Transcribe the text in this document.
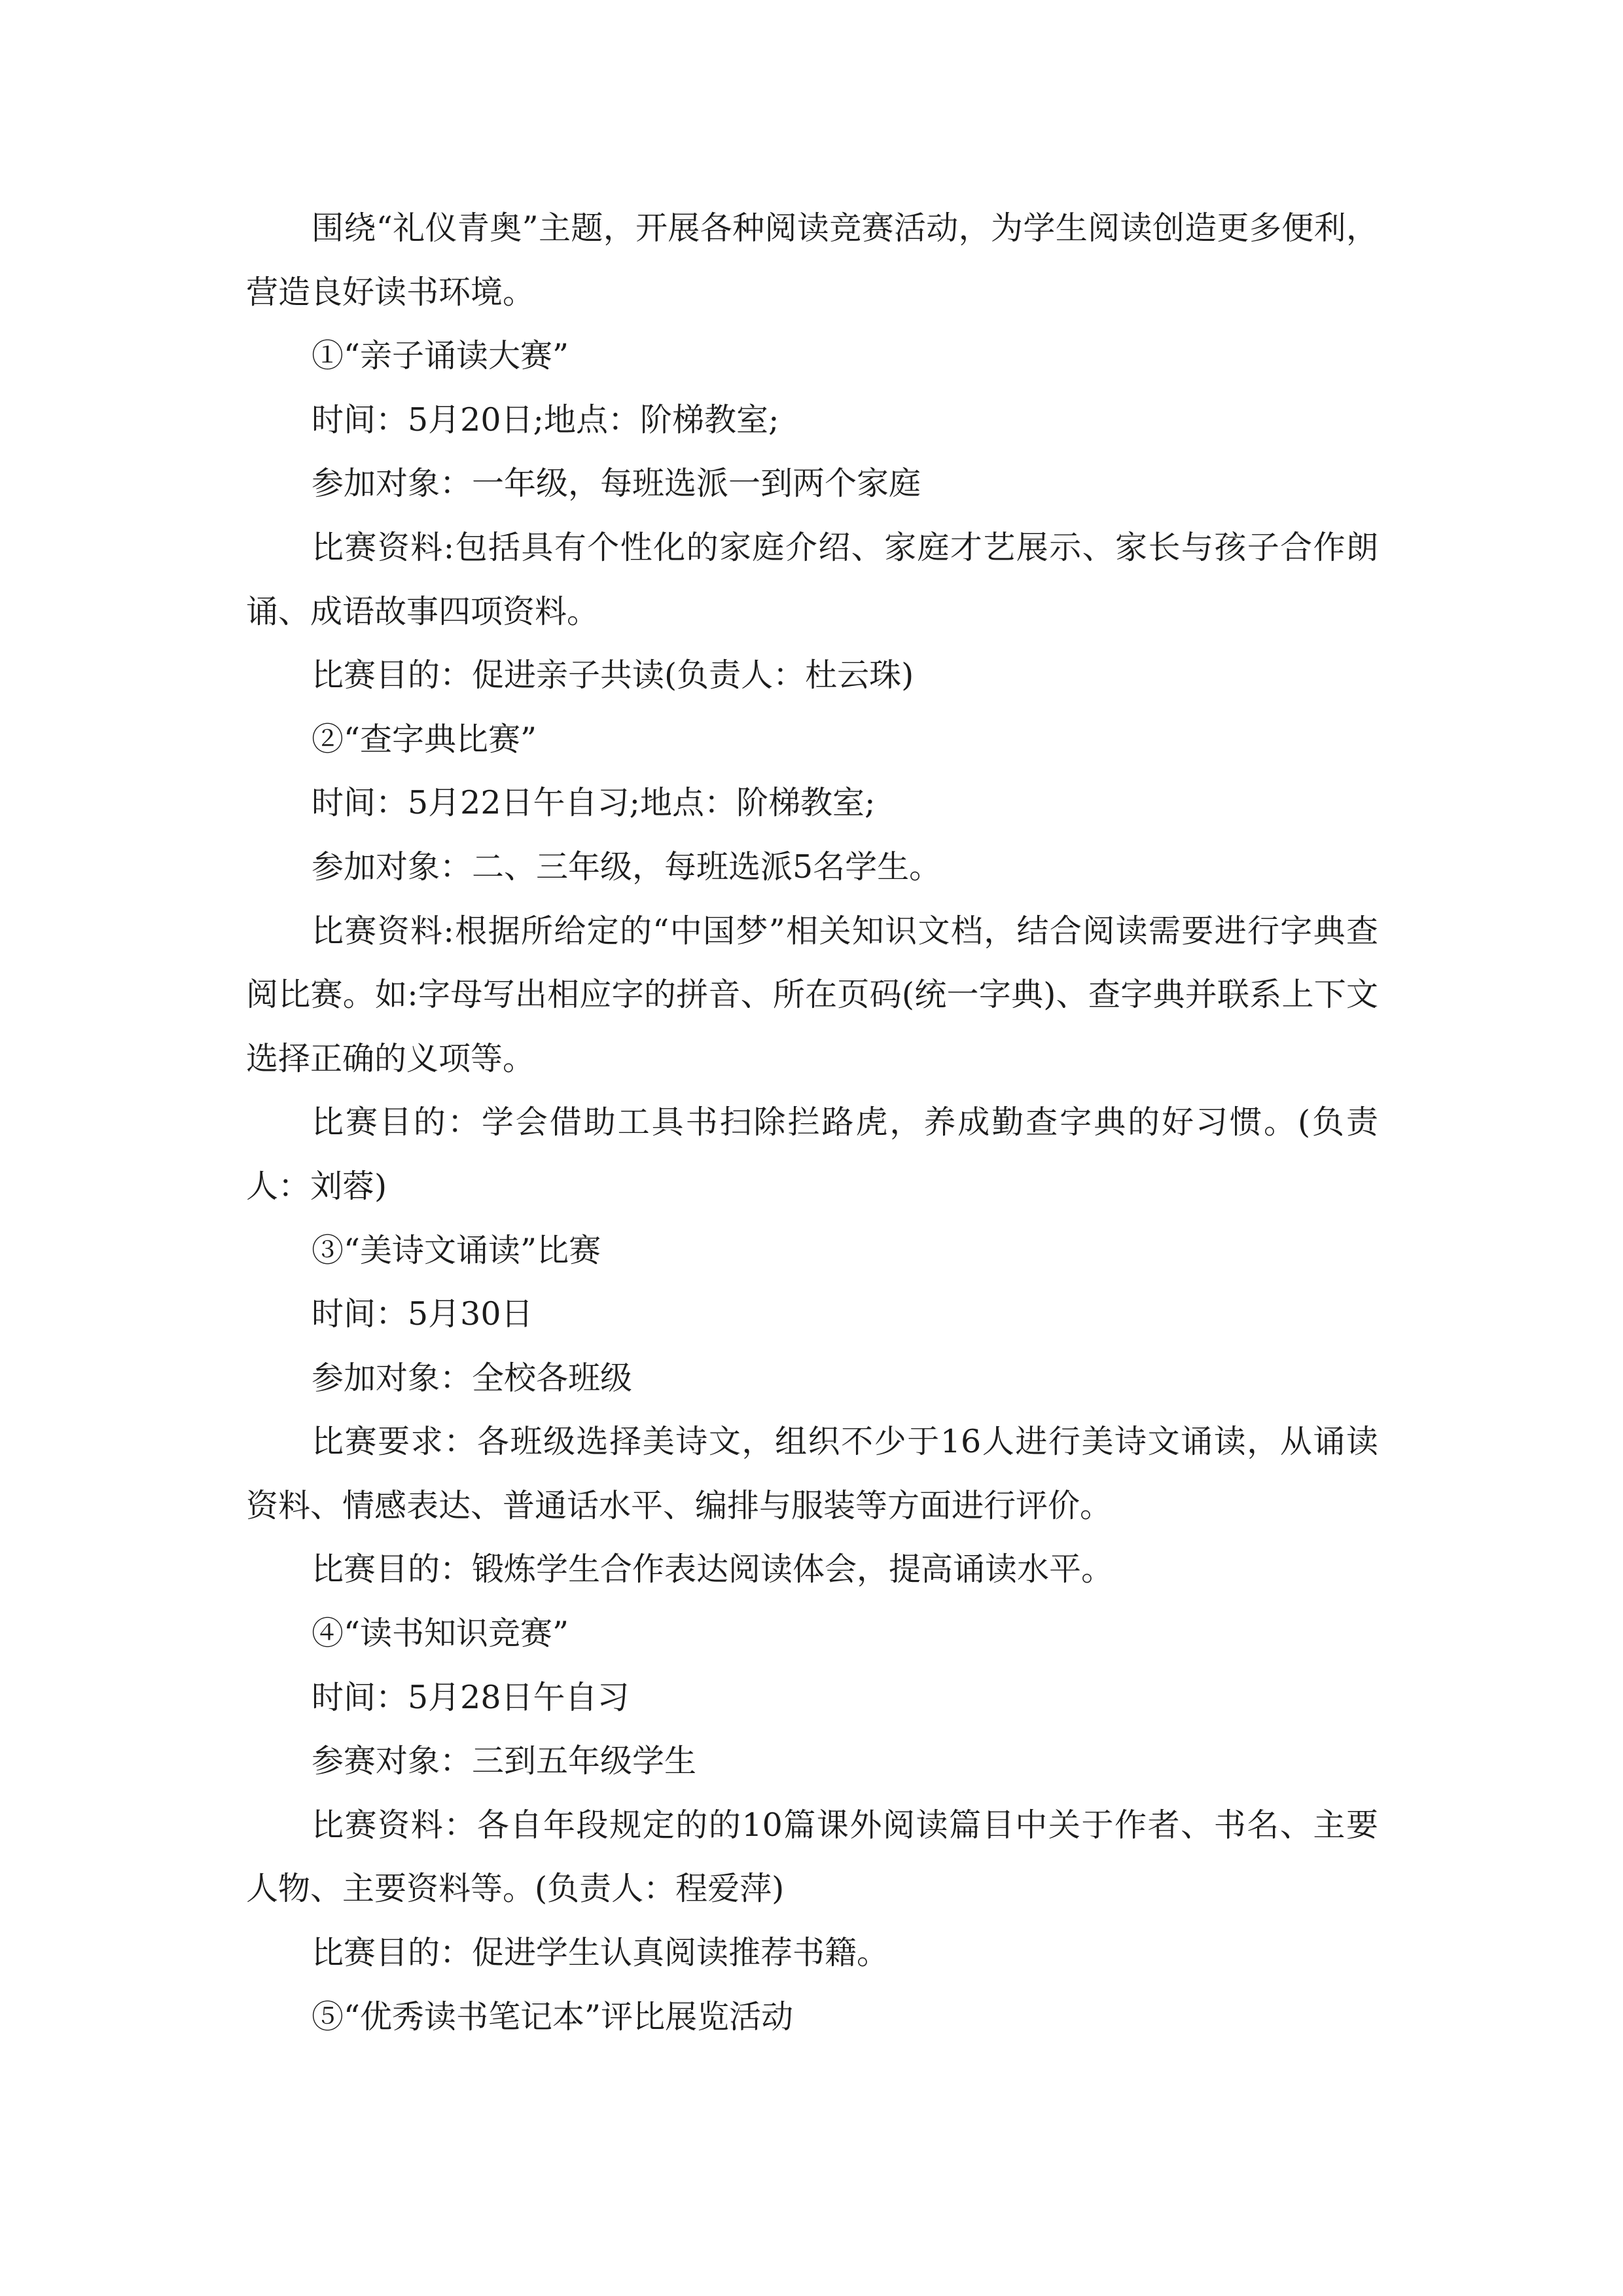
围绕“礼仪青奥”主题，开展各种阅读竞赛活动，为学生阅读创造更多便利，营造良好读书环境。

①“亲子诵读大赛”

时间：5月20日;地点：阶梯教室;

参加对象：一年级，每班选派一到两个家庭

比赛资料:包括具有个性化的家庭介绍、家庭才艺展示、家长与孩子合作朗诵、成语故事四项资料。

比赛目的：促进亲子共读(负责人：杜云珠)

②“查字典比赛”

时间：5月22日午自习;地点：阶梯教室;

参加对象：二、三年级，每班选派5名学生。

比赛资料:根据所给定的“中国梦”相关知识文档，结合阅读需要进行字典查阅比赛。如:字母写出相应字的拼音、所在页码(统一字典)、查字典并联系上下文选择正确的义项等。

比赛目的：学会借助工具书扫除拦路虎，养成勤查字典的好习惯。(负责人：刘蓉)

③“美诗文诵读”比赛

时间：5月30日

参加对象：全校各班级

比赛要求：各班级选择美诗文，组织不少于16人进行美诗文诵读，从诵读资料、情感表达、普通话水平、编排与服装等方面进行评价。

比赛目的：锻炼学生合作表达阅读体会，提高诵读水平。

④“读书知识竞赛”

时间：5月28日午自习

参赛对象：三到五年级学生

比赛资料：各自年段规定的的10篇课外阅读篇目中关于作者、书名、主要人物、主要资料等。(负责人：程爱萍)

比赛目的：促进学生认真阅读推荐书籍。

⑤“优秀读书笔记本”评比展览活动
